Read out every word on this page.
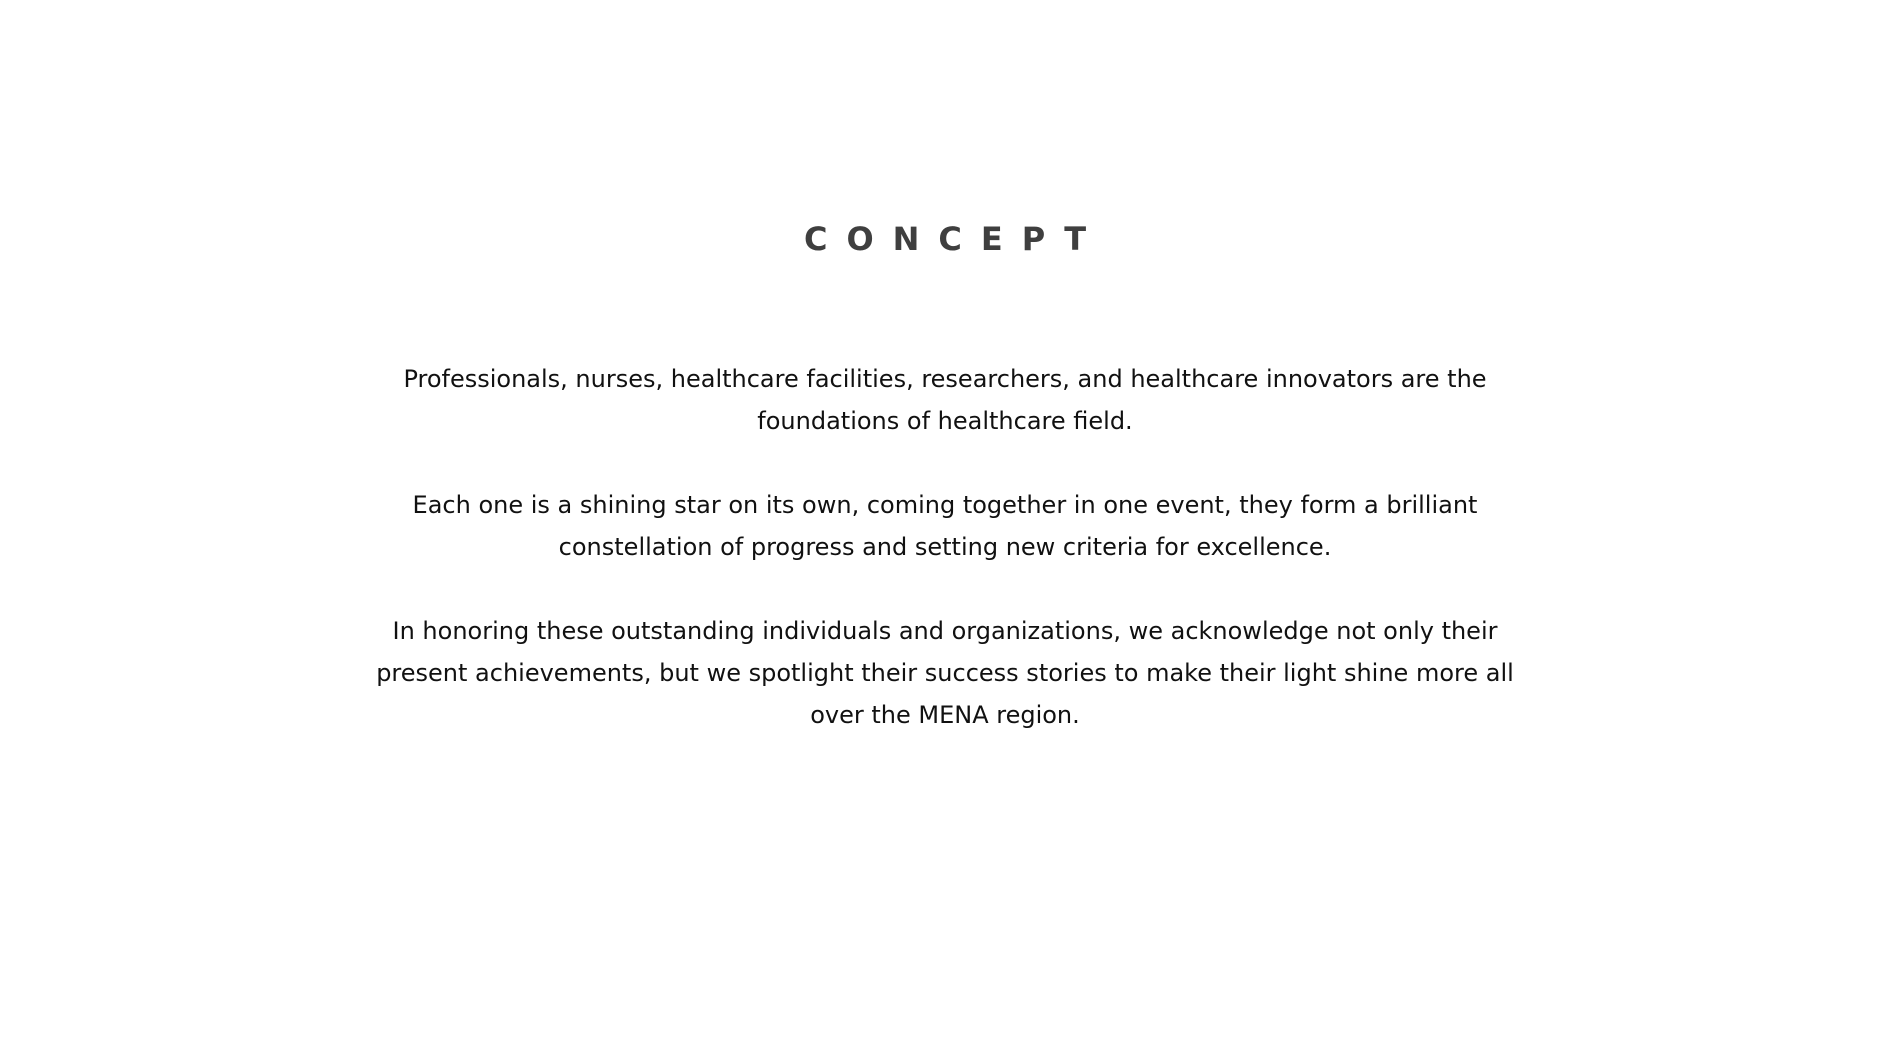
CONCEPT

Professionals, nurses, healthcare facilities, researchers, and healthcare innovators are the foundations of healthcare field.

Each one is a shining star on its own, coming together in one event, they form a brilliant constellation of progress and setting new criteria for excellence.

In honoring these outstanding individuals and organizations, we acknowledge not only their present achievements, but we spotlight their success stories to make their light shine more all over the MENA region.
